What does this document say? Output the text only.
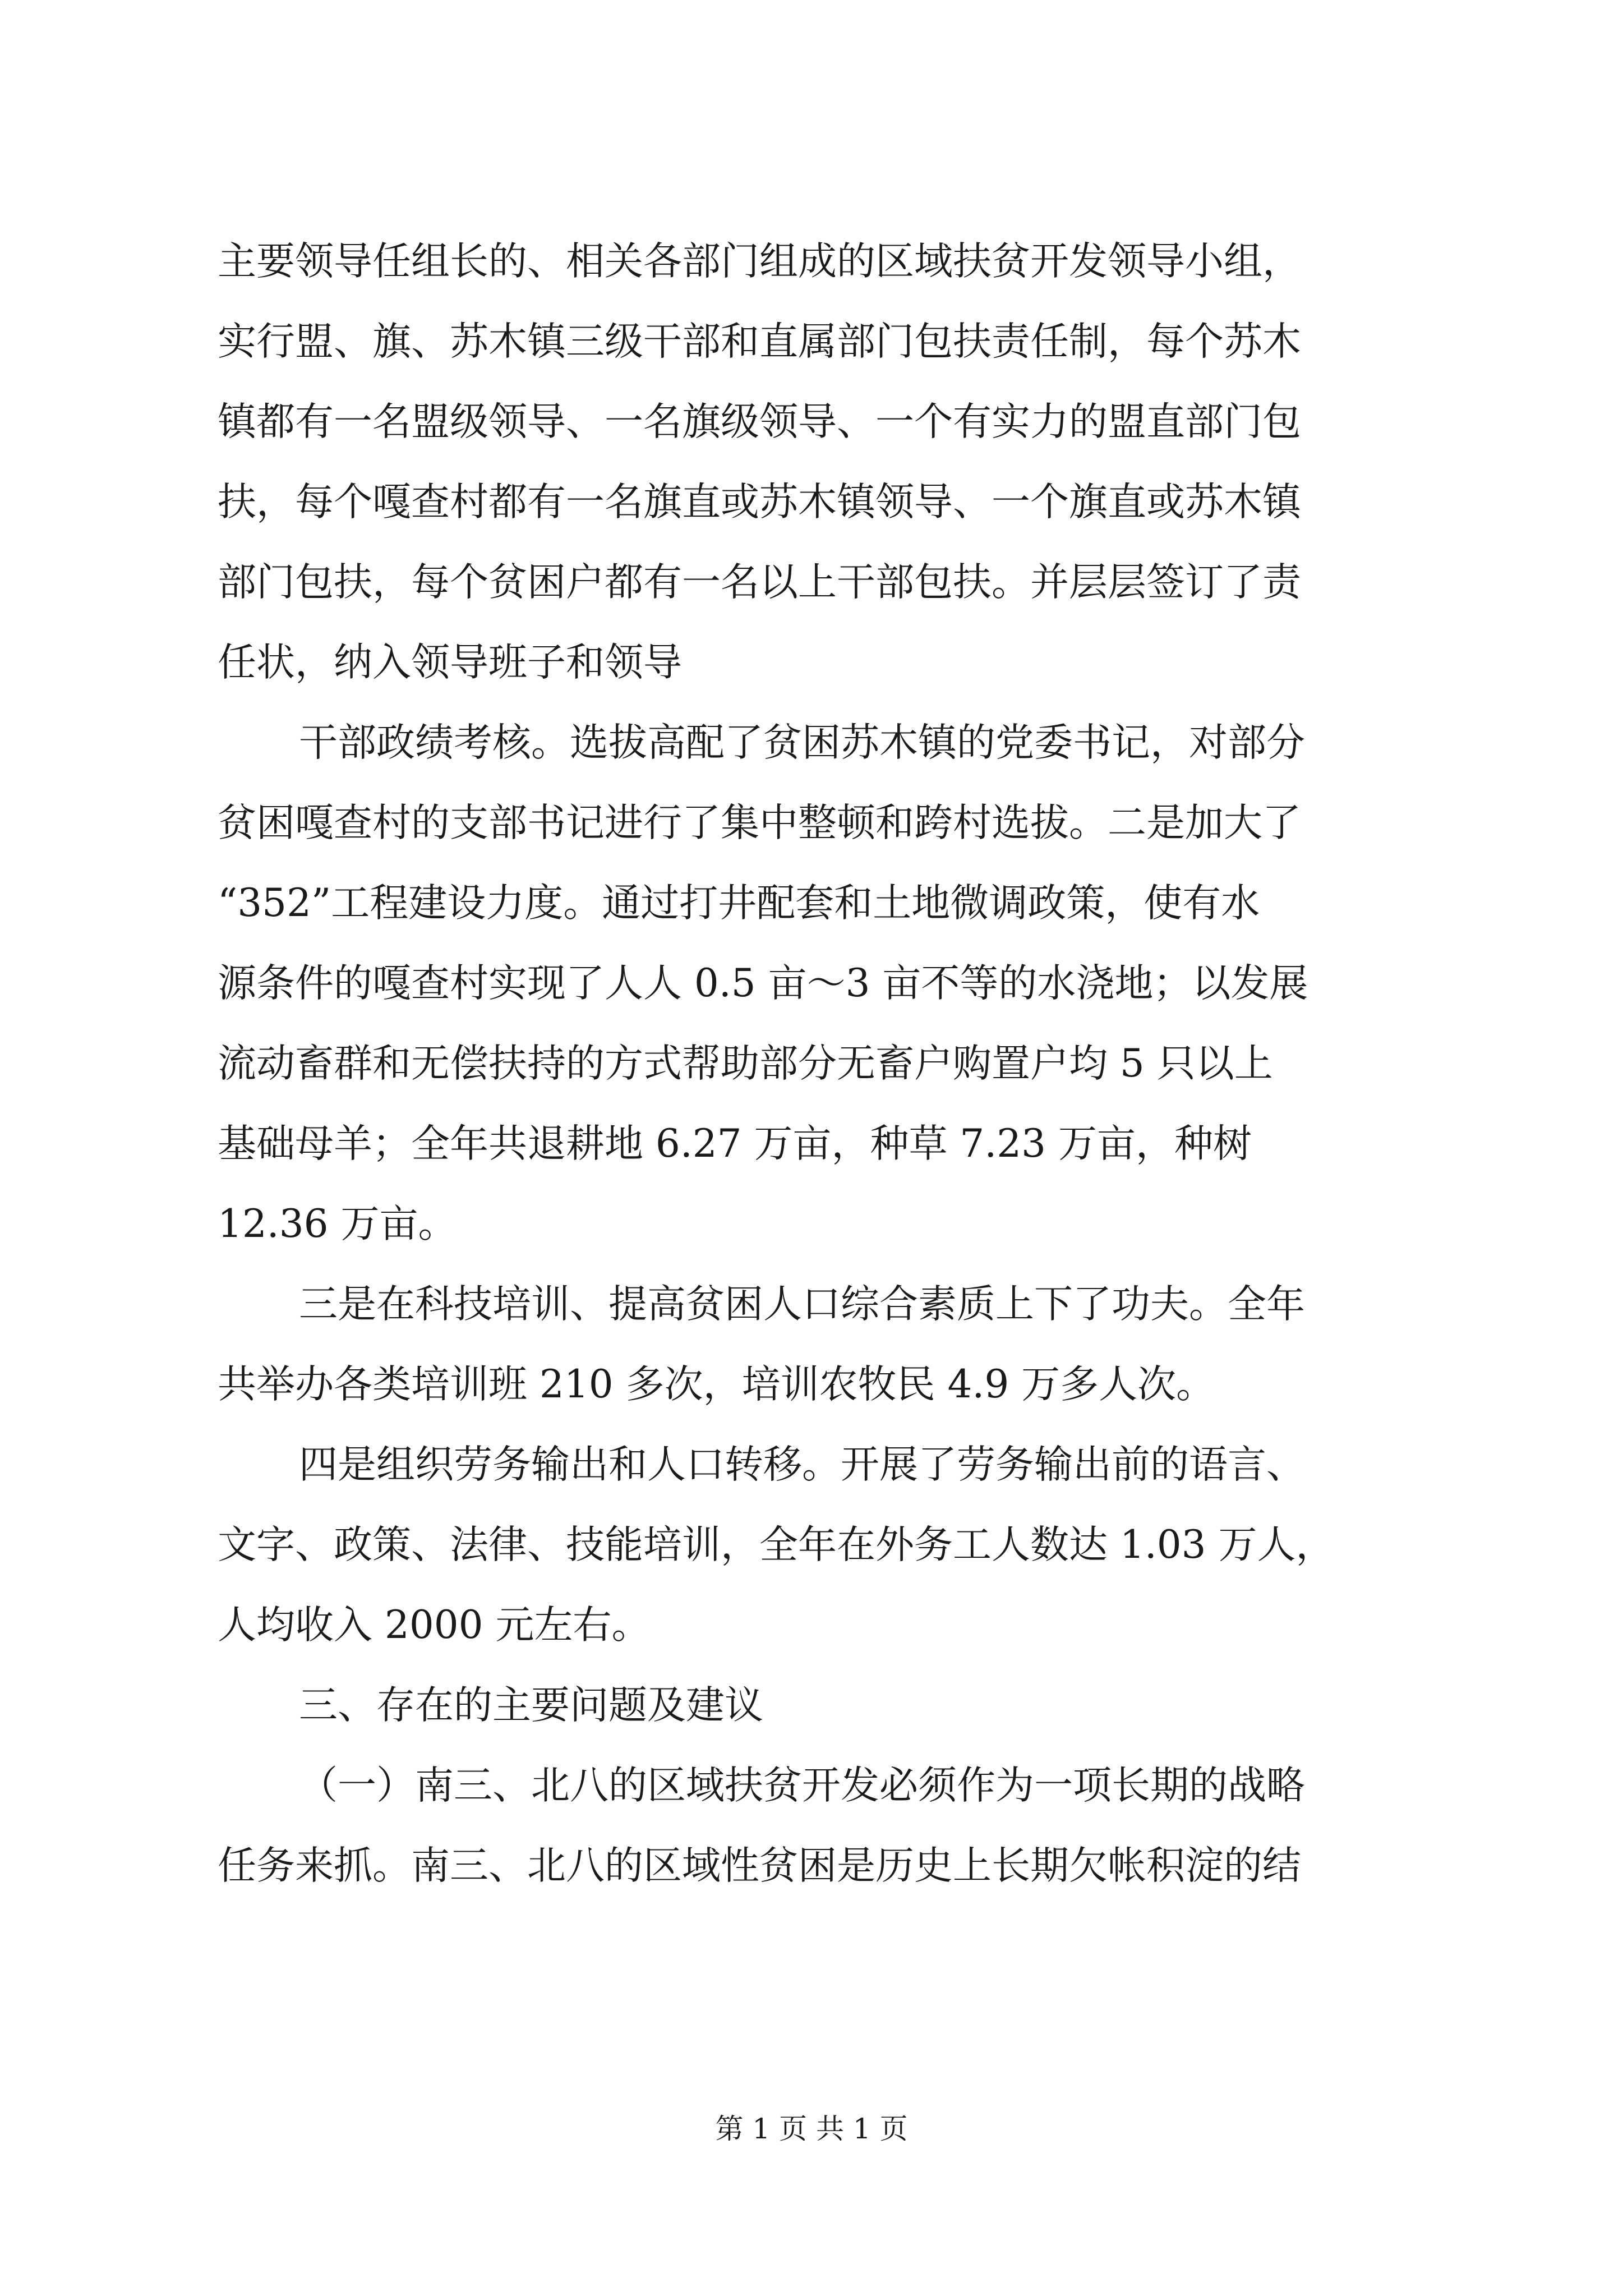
主要领导任组长的、相关各部门组成的区域扶贫开发领导小组，
实行盟、旗、苏木镇三级干部和直属部门包扶责任制，每个苏木
镇都有一名盟级领导、一名旗级领导、一个有实力的盟直部门包
扶，每个嘎查村都有一名旗直或苏木镇领导、一个旗直或苏木镇
部门包扶，每个贫困户都有一名以上干部包扶。并层层签订了责
任状，纳入领导班子和领导
干部政绩考核。选拔高配了贫困苏木镇的党委书记，对部分
贫困嘎查村的支部书记进行了集中整顿和跨村选拔。二是加大了
“352”工程建设力度。通过打井配套和土地微调政策，使有水
源条件的嘎查村实现了人人 0.5 亩～3 亩不等的水浇地；以发展
流动畜群和无偿扶持的方式帮助部分无畜户购置户均 5 只以上
基础母羊；全年共退耕地 6.27 万亩，种草 7.23 万亩，种树
12.36 万亩。
三是在科技培训、提高贫困人口综合素质上下了功夫。全年
共举办各类培训班 210 多次，培训农牧民 4.9 万多人次。
四是组织劳务输出和人口转移。开展了劳务输出前的语言、
文字、政策、法律、技能培训，全年在外务工人数达 1.03 万人，
人均收入 2000 元左右。
三、存在的主要问题及建议
（一）南三、北八的区域扶贫开发必须作为一项长期的战略
任务来抓。南三、北八的区域性贫困是历史上长期欠帐积淀的结
第 1 页 共 1 页
